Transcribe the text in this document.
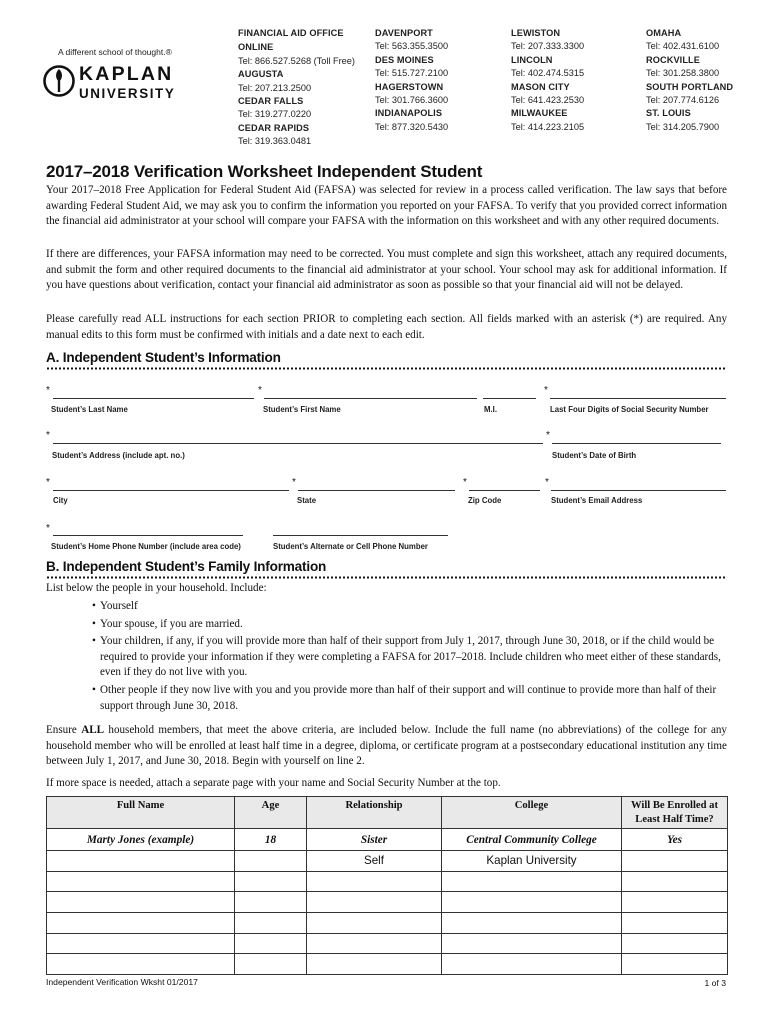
A different school of thought.®
KAPLAN
UNIVERSITY
FINANCIAL AID OFFICE
ONLINE
Tel: 866.527.5268 (Toll Free)
AUGUSTA
Tel: 207.213.2500
CEDAR FALLS
Tel: 319.277.0220
CEDAR RAPIDS
Tel: 319.363.0481
DAVENPORT
Tel: 563.355.3500
DES MOINES
Tel: 515.727.2100
HAGERSTOWN
Tel: 301.766.3600
INDIANAPOLIS
Tel: 877.320.5430
LEWISTON
Tel: 207.333.3300
LINCOLN
Tel: 402.474.5315
MASON CITY
Tel: 641.423.2530
MILWAUKEE
Tel: 414.223.2105
OMAHA
Tel: 402.431.6100
ROCKVILLE
Tel: 301.258.3800
SOUTH PORTLAND
Tel: 207.774.6126
ST. LOUIS
Tel: 314.205.7900
2017–2018 Verification Worksheet Independent Student

Your 2017–2018 Free Application for Federal Student Aid (FAFSA) was selected for review in a process called verification. The law says that before awarding Federal Student Aid, we may ask you to confirm the information you reported on your FAFSA. To verify that you provided correct information the financial aid administrator at your school will compare your FAFSA with the information on this worksheet and with any other required documents.

If there are differences, your FAFSA information may need to be corrected. You must complete and sign this worksheet, attach any required documents, and submit the form and other required documents to the financial aid administrator at your school. Your school may ask for additional information. If you have questions about verification, contact your financial aid administrator as soon as possible so that your financial aid will not be delayed.

Please carefully read ALL instructions for each section PRIOR to completing each section. All fields marked with an asterisk (*) are required. Any manual edits to this form must be confirmed with initials and a date next to each edit.

A. Independent Student’s Information
*	*	*
Student’s Last Name	Student’s First Name	M.I.	Last Four Digits of Social Security Number
*	*
Student’s Address (include apt. no.)	Student’s Date of Birth
*	*	*	*
City	State	Zip Code	Student’s Email Address
*
Student’s Home Phone Number (include area code)	Student’s Alternate or Cell Phone Number
B. Independent Student’s Family Information
List below the people in your household. Include:
• Yourself
• Your spouse, if you are married.
• Your children, if any, if you will provide more than half of their support from July 1, 2017, through June 30, 2018, or if the child would be required to provide your information if they were completing a FAFSA for 2017–2018. Include children who meet either of these standards, even if they do not live with you.
• Other people if they now live with you and you provide more than half of their support and will continue to provide more than half of their support through June 30, 2018.

Ensure ALL household members, that meet the above criteria, are included below. Include the full name (no abbreviations) of the college for any household member who will be enrolled at least half time in a degree, diploma, or certificate program at a postsecondary educational institution any time between July 1, 2017, and June 30, 2018. Begin with yourself on line 2.

If more space is needed, attach a separate page with your name and Social Security Number at the top.

Full Name	Age	Relationship	College	Will Be Enrolled at Least Half Time?
Marty Jones (example)	18	Sister	Central Community College	Yes
		Self	Kaplan University	

Independent Verification Wksht 01/2017	1 of 3
